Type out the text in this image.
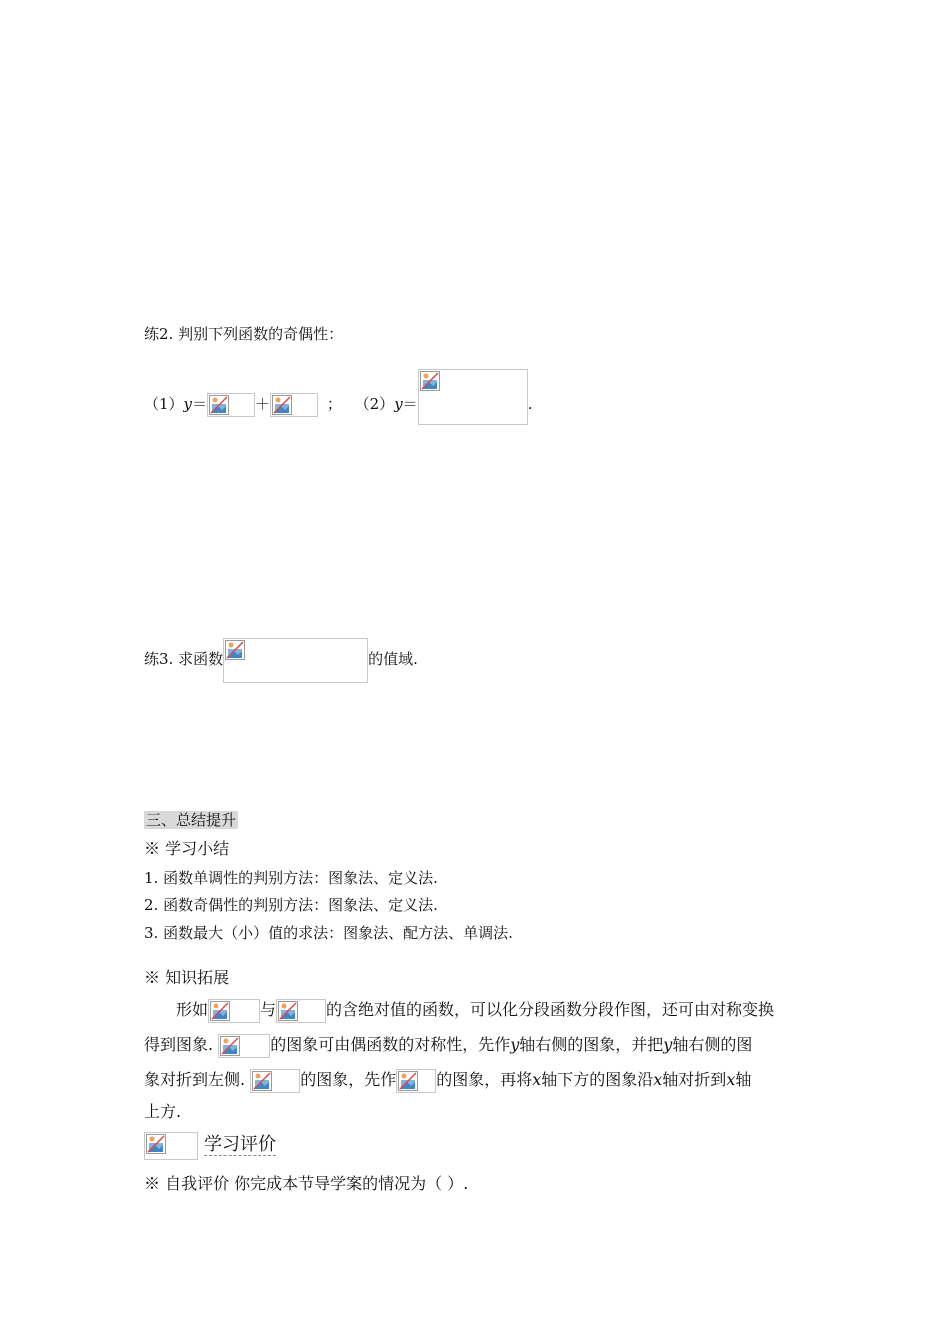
练2. 判别下列函数的奇偶性：
（1）y＝	＋	； （2）y＝	.
练3. 求函数	的值域.
三、总结提升
※ 学习小结
1. 函数单调性的判别方法：图象法、定义法.
2. 函数奇偶性的判别方法：图象法、定义法.
3. 函数最大（小）值的求法：图象法、配方法、单调法.
※ 知识拓展
形如	与	的含绝对值的函数，可以化分段函数分段作图，还可由对称变换
得到图象.	的图象可由偶函数的对称性，先作y轴右侧的图象，并把y轴右侧的图
象对折到左侧.	的图象，先作	的图象，再将x轴下方的图象沿x轴对折到x轴
上方.
学习评价
※ 自我评价 你完成本节导学案的情况为（ ）.
